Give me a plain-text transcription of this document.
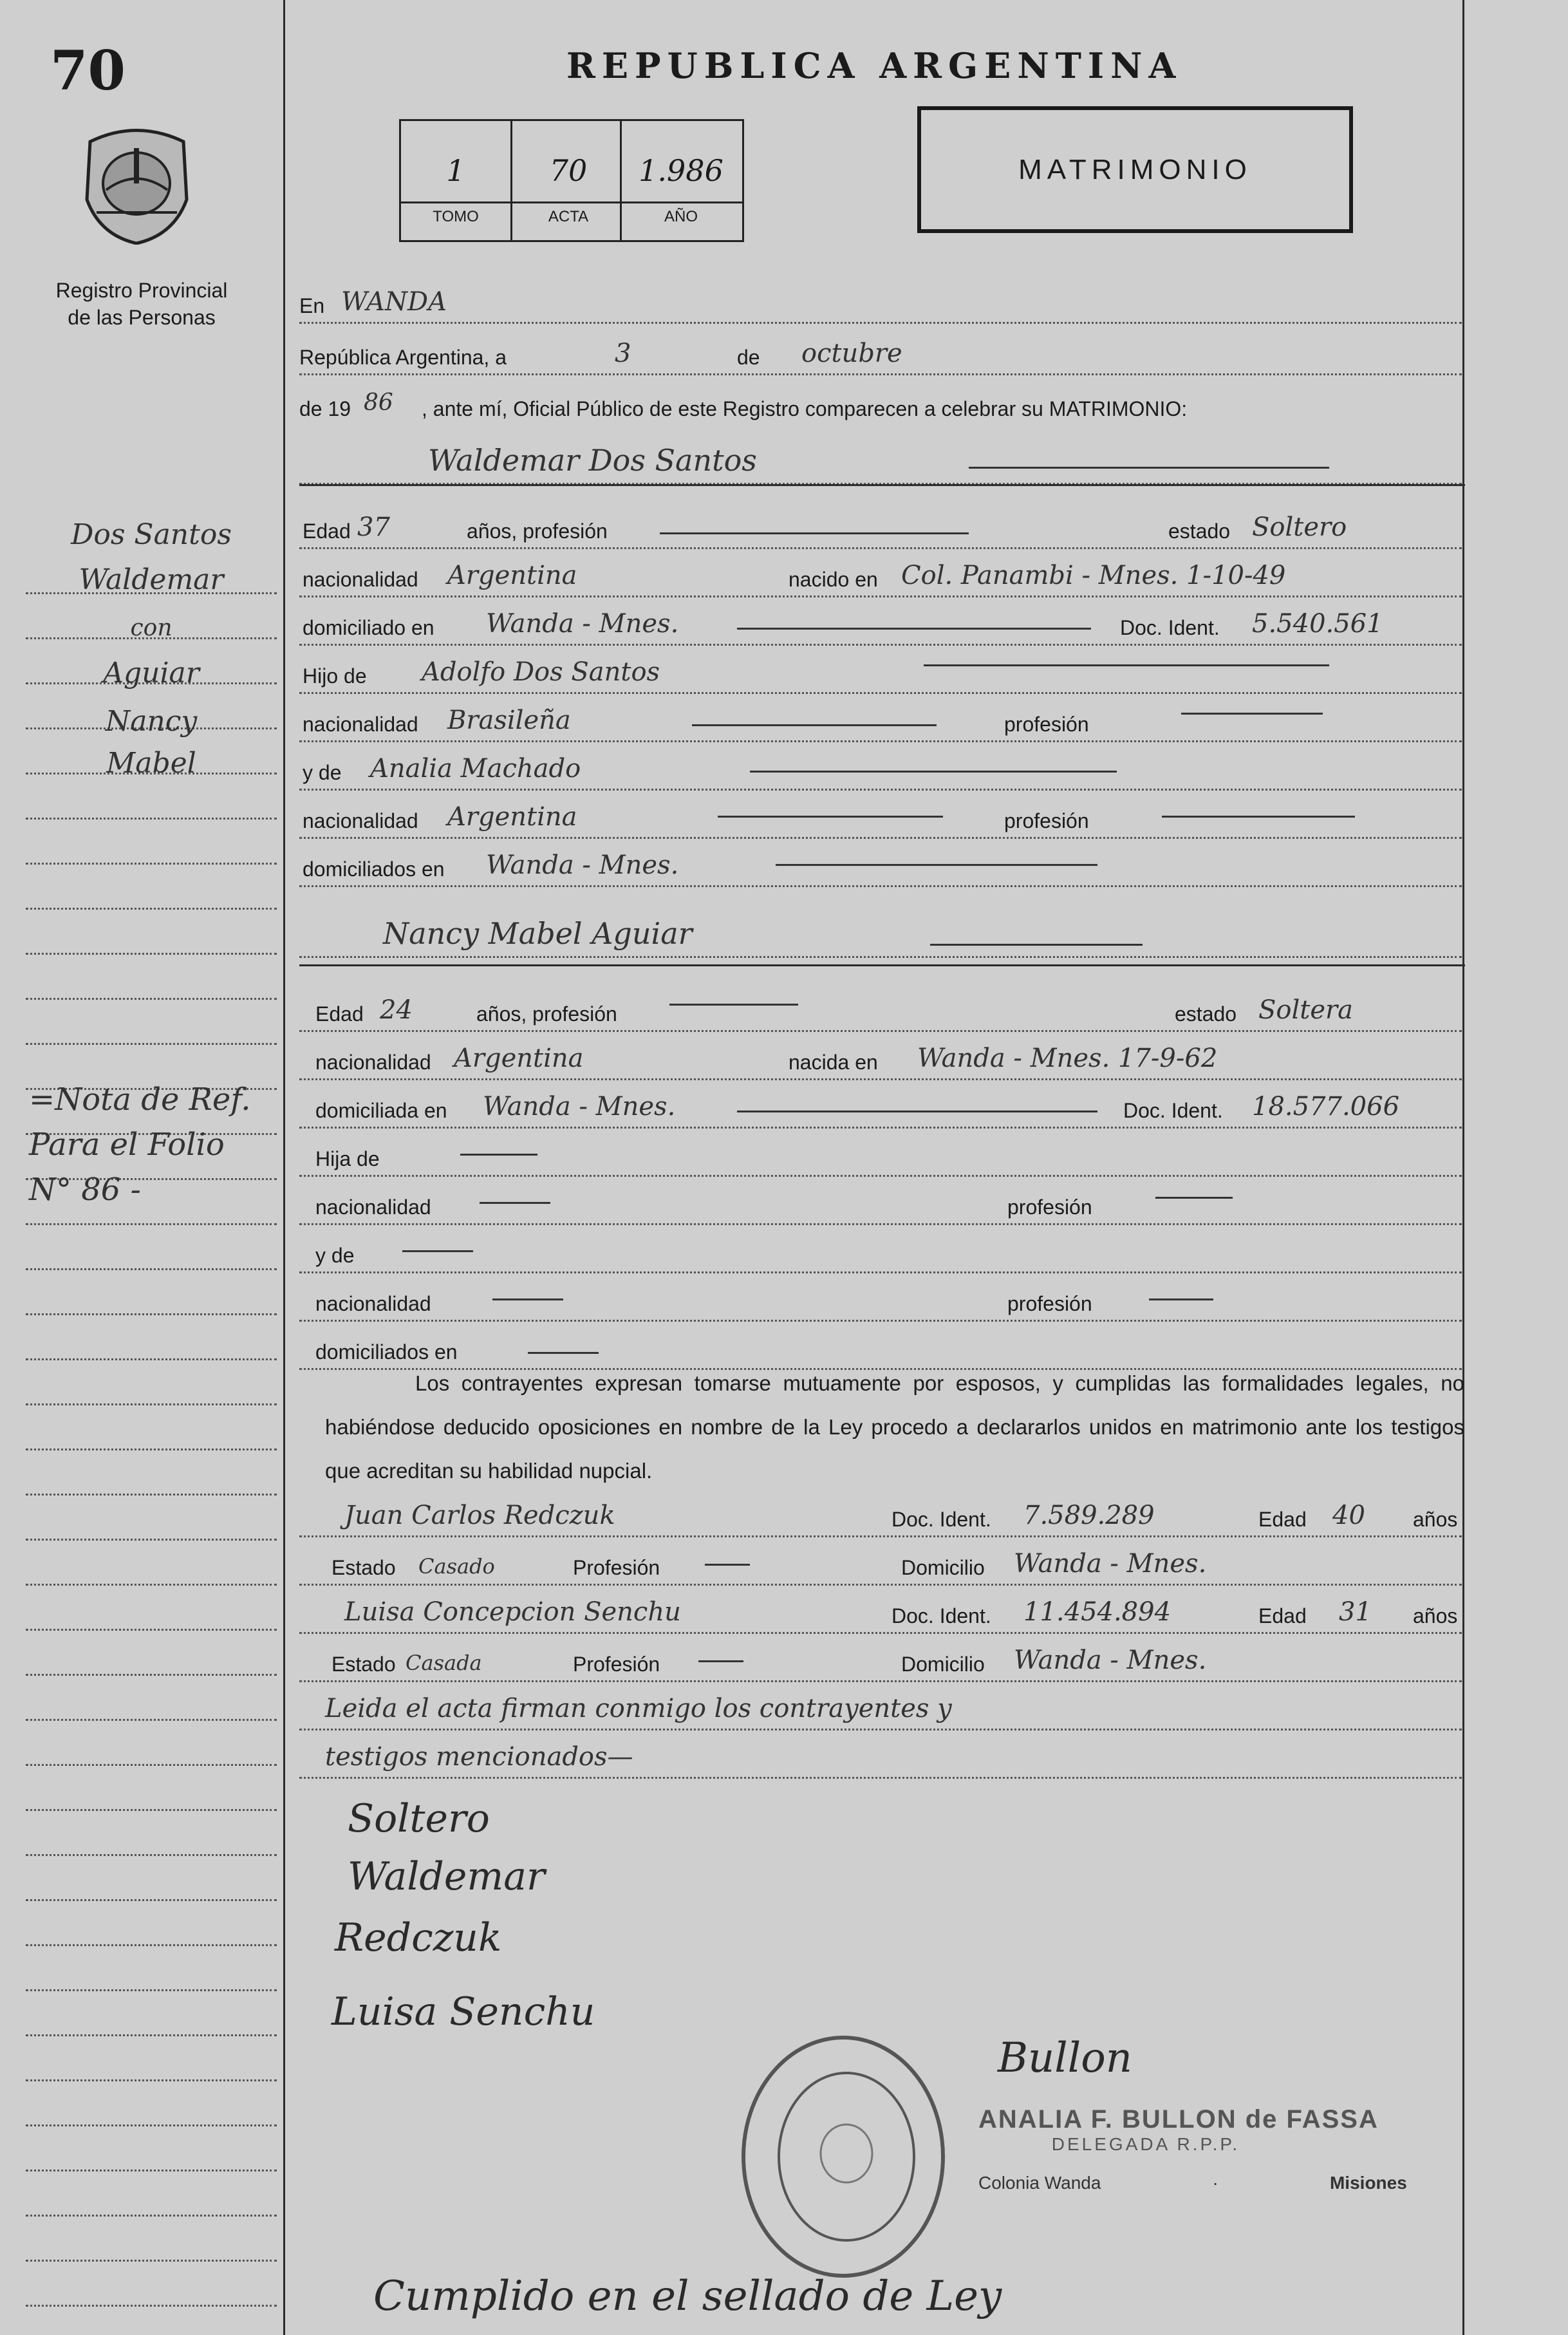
70
Registro Provincial
de las Personas
REPUBLICA ARGENTINA
1	70	1.986
TOMO	ACTA	AÑO
MATRIMONIO
En WANDA
República Argentina, a	3	de octubre
de 19 86 , ante mí, Oficial Público de este Registro comparecen a celebrar su MATRIMONIO:
Waldemar Dos Santos
Edad 37	años, profesión	estado Soltero
nacionalidad Argentina	nacido en Col. Panambi - Mnes. 1-10-49
domiciliado en Wanda - Mnes.	Doc. Ident. 5.540.561
Hijo de Adolfo Dos Santos
nacionalidad Brasileña	profesión
y de Analia Machado
nacionalidad Argentina	profesión
domiciliados en Wanda - Mnes.
Nancy Mabel Aguiar
Edad 24	años, profesión	estado Soltera
nacionalidad Argentina	nacida en Wanda - Mnes. 17-9-62
domiciliada en Wanda - Mnes.	Doc. Ident. 18.577.066
Hija de
nacionalidad	profesión
y de
nacionalidad	profesión
domiciliados en
Los contrayentes expresan tomarse mutuamente por esposos, y cumplidas las formalidades legales, no habiéndose deducido oposiciones en nombre de la Ley procedo a declararlos unidos en matrimonio ante los testigos que acreditan su habilidad nupcial.
Juan Carlos Redczuk	Doc. Ident. 7.589.289	Edad 40 años
Estado Casado	Profesión	Domicilio Wanda - Mnes.
Luisa Concepcion Senchu	Doc. Ident. 11.454.894	Edad 31 años
Estado Casada	Profesión	Domicilio Wanda - Mnes.
Leida el acta firman conmigo los contrayentes y
testigos mencionados—
Dos Santos
Waldemar
con
Aguiar
Nancy
Mabel
=Nota de Ref.
Para el Folio
N° 86 -
Soltero
Waldemar
Redczuk
Luisa Senchu
Bullon
ANALIA F. BULLON de FASSA
DELEGADA R.P.P.
Colonia Wanda	·	Misiones
Cumplido en el sellado de Ley
